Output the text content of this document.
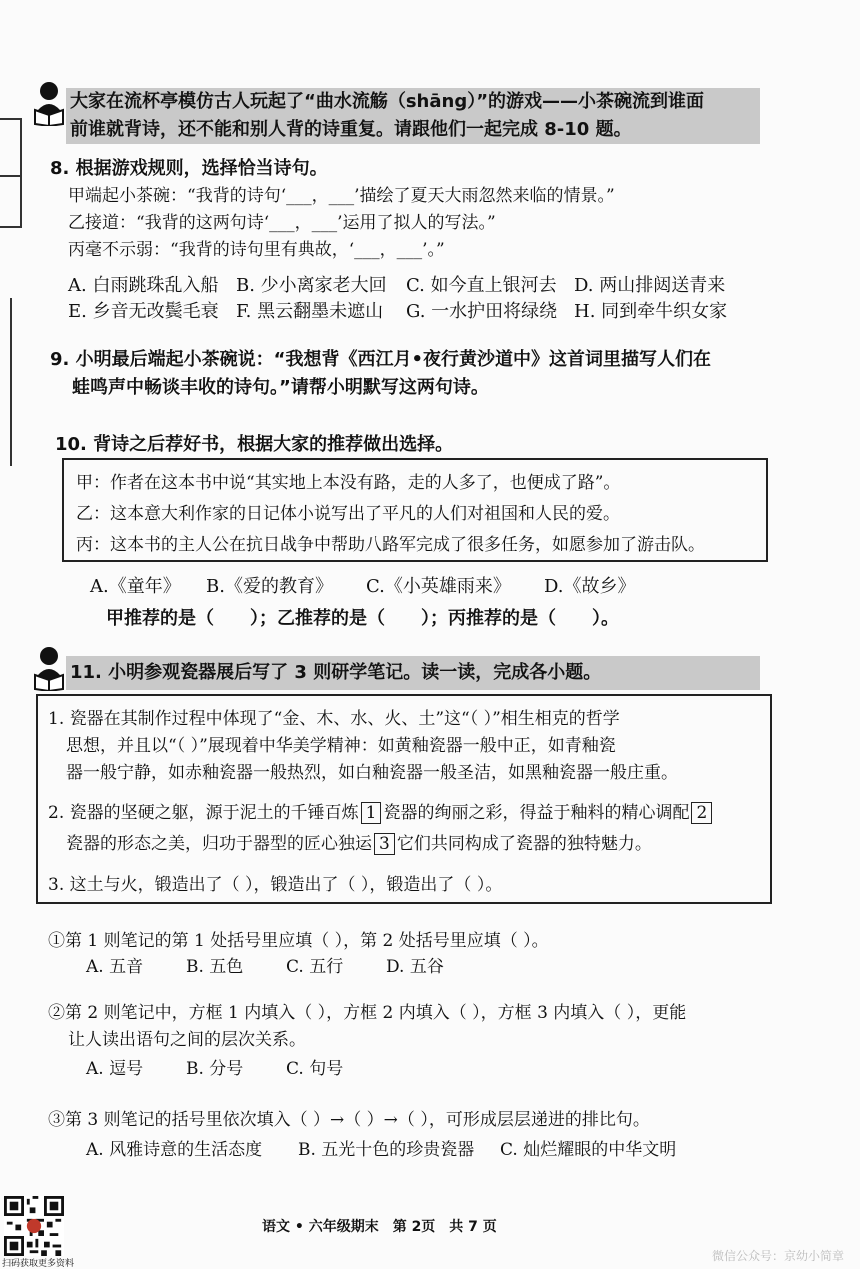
大家在流杯亭模仿古人玩起了“曲水流觞（shāng）”的游戏——小茶碗流到谁面
前谁就背诗，还不能和别人背的诗重复。请跟他们一起完成 8-10 题。
8. 根据游戏规则，选择恰当诗句。
甲端起小茶碗：“我背的诗句‘___，___’描绘了夏天大雨忽然来临的情景。”
乙接道：“我背的这两句诗‘___，___’运用了拟人的写法。”
丙毫不示弱：“我背的诗句里有典故，‘___，___’。”
A. 白雨跳珠乱入船 B. 少小离家老大回 C. 如今直上银河去 D. 两山排闼送青来
E. 乡音无改鬓毛衰 F. 黑云翻墨未遮山 G. 一水护田将绿绕 H. 同到牵牛织女家
9. 小明最后端起小茶碗说：“我想背《西江月•夜行黄沙道中》这首词里描写人们在
蛙鸣声中畅谈丰收的诗句。”请帮小明默写这两句诗。
10. 背诗之后荐好书，根据大家的推荐做出选择。
甲：作者在这本书中说“其实地上本没有路，走的人多了，也便成了路”。
乙：这本意大利作家的日记体小说写出了平凡的人们对祖国和人民的爱。
丙：这本书的主人公在抗日战争中帮助八路军完成了很多任务，如愿参加了游击队。
A.《童年》 B.《爱的教育》 C.《小英雄雨来》 D.《故乡》
甲推荐的是（　　）；乙推荐的是（　　）；丙推荐的是（　　）。
11. 小明参观瓷器展后写了 3 则研学笔记。读一读，完成各小题。
1. 瓷器在其制作过程中体现了“金、木、水、火、土”这“（ ）”相生相克的哲学
思想，并且以“（ ）”展现着中华美学精神：如黄釉瓷器一般中正，如青釉瓷
器一般宁静，如赤釉瓷器一般热烈，如白釉瓷器一般圣洁，如黑釉瓷器一般庄重。
2. 瓷器的坚硬之躯，源于泥土的千锤百炼 1 瓷器的绚丽之彩，得益于釉料的精心调配 2
瓷器的形态之美，归功于器型的匠心独运 3 它们共同构成了瓷器的独特魅力。
3. 这土与火，锻造出了（ ），锻造出了（ ），锻造出了（ ）。
①第 1 则笔记的第 1 处括号里应填（ ），第 2 处括号里应填（ ）。
A. 五音	B. 五色	C. 五行	D. 五谷
②第 2 则笔记中，方框 1 内填入（ ），方框 2 内填入（ ），方框 3 内填入（ ），更能
让人读出语句之间的层次关系。
A. 逗号	B. 分号	C. 句号
③第 3 则笔记的括号里依次填入（ ）→（ ）→（ ），可形成层层递进的排比句。
A. 风雅诗意的生活态度 B. 五光十色的珍贵瓷器 C. 灿烂耀眼的中华文明
扫码获取更多资料
语文 • 六年级期末　第 2页　共 7 页
微信公众号：京幼小简章
